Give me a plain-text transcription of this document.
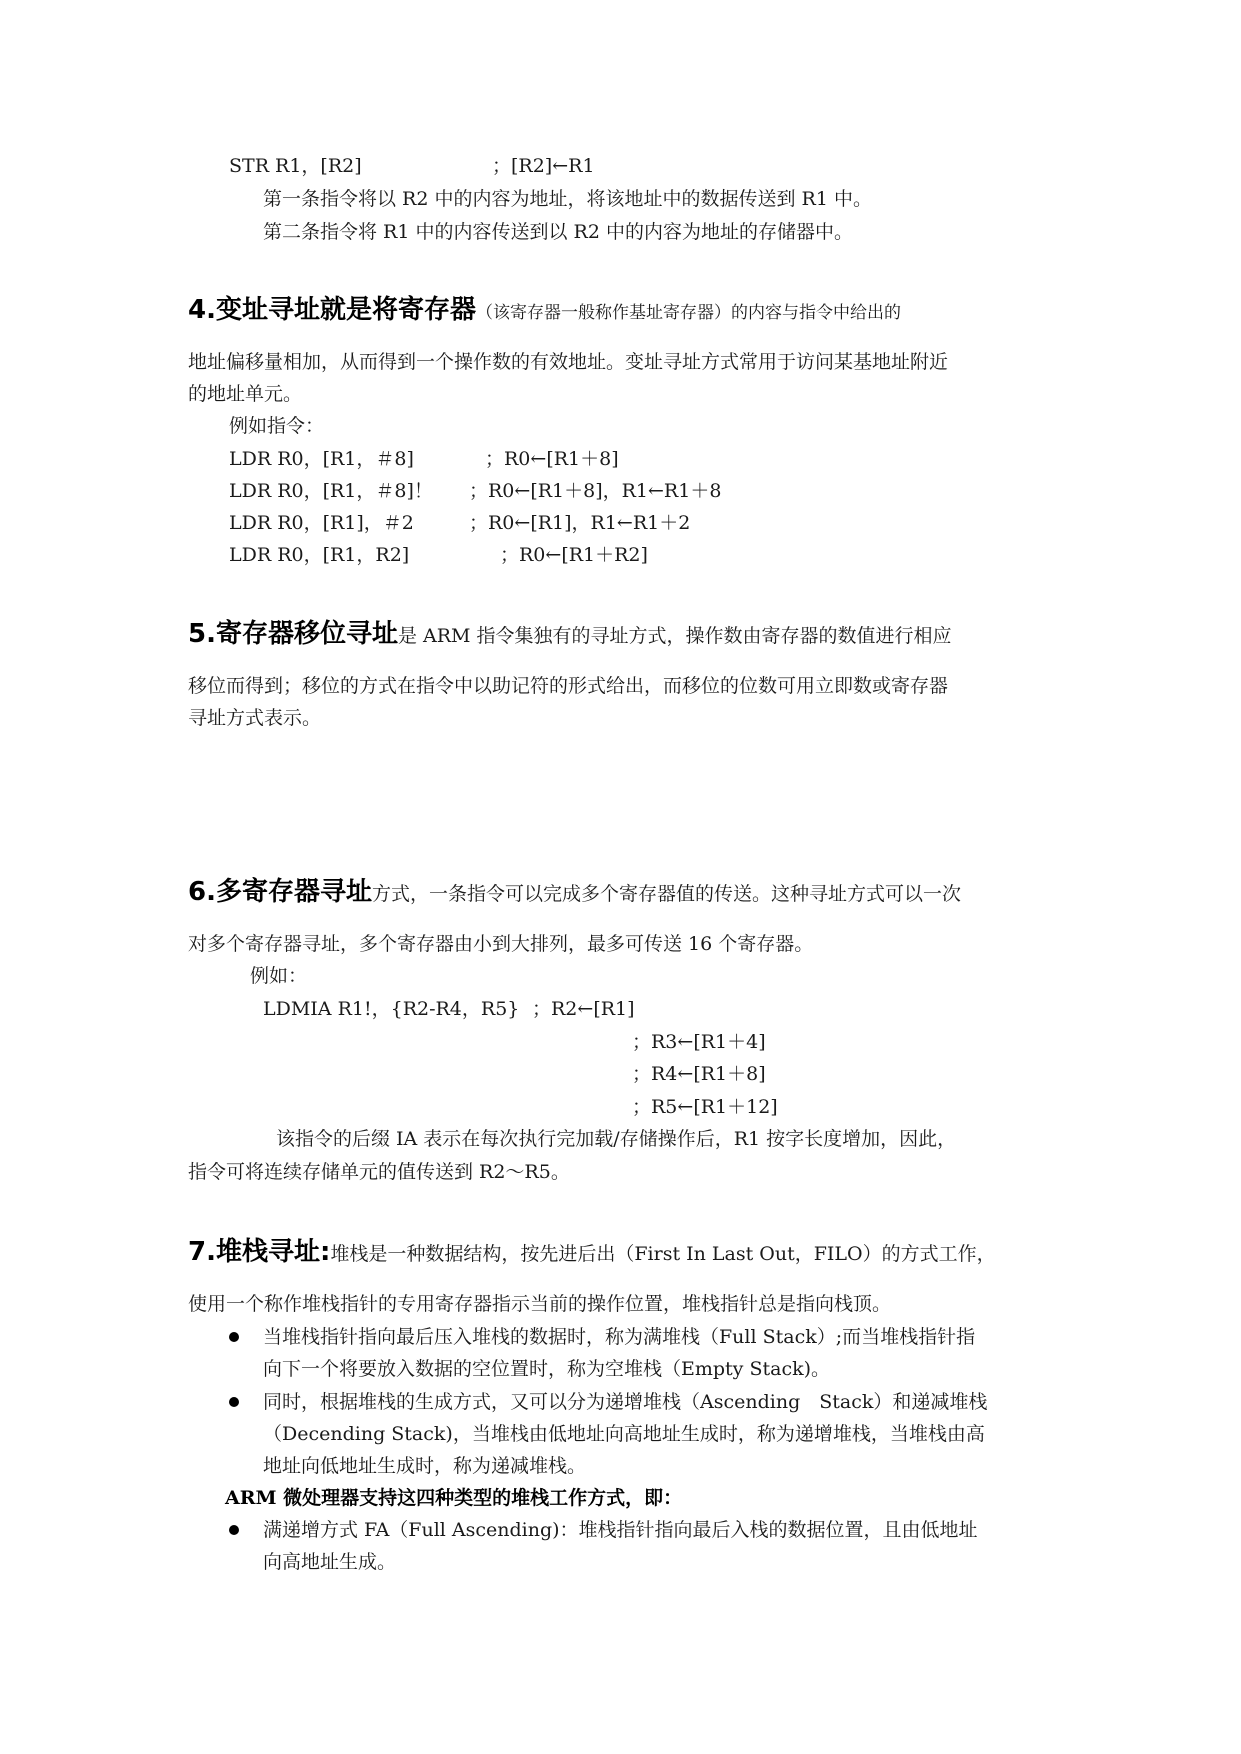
STR R1，[R2]	；[R2]←R1
第一条指令将以 R2 中的内容为地址，将该地址中的数据传送到 R1 中。
第二条指令将 R1 中的内容传送到以 R2 中的内容为地址的存储器中。
4.变址寻址就是将寄存器（该寄存器一般称作基址寄存器）的内容与指令中给出的
地址偏移量相加，从而得到一个操作数的有效地址。变址寻址方式常用于访问某基地址附近
的地址单元。
例如指令：
LDR R0，[R1，＃8]	；R0←[R1＋8]
LDR R0，[R1，＃8]！ ；R0←[R1＋8]，R1←R1＋8
LDR R0，[R1]，＃2	；R0←[R1]，R1←R1＋2
LDR R0，[R1，R2]	；R0←[R1＋R2]
5.寄存器移位寻址是 ARM 指令集独有的寻址方式，操作数由寄存器的数值进行相应
移位而得到；移位的方式在指令中以助记符的形式给出，而移位的位数可用立即数或寄存器
寻址方式表示。
6.多寄存器寻址方式，一条指令可以完成多个寄存器值的传送。这种寻址方式可以一次
对多个寄存器寻址，多个寄存器由小到大排列，最多可传送 16 个寄存器。
例如：
LDMIA R1!，{R2-R4，R5} ；R2←[R1]
；R3←[R1＋4]
；R4←[R1＋8]
；R5←[R1＋12]
该指令的后缀 IA 表示在每次执行完加载/存储操作后，R1 按字长度增加，因此，
指令可将连续存储单元的值传送到 R2～R5。
7.堆栈寻址:堆栈是一种数据结构，按先进后出（First In Last Out，FILO）的方式工作，
使用一个称作堆栈指针的专用寄存器指示当前的操作位置，堆栈指针总是指向栈顶。
当堆栈指针指向最后压入堆栈的数据时，称为满堆栈（Full Stack）;而当堆栈指针指
向下一个将要放入数据的空位置时，称为空堆栈（Empty Stack)。
同时，根据堆栈的生成方式，又可以分为递增堆栈（Ascending　Stack）和递减堆栈
（Decending Stack)，当堆栈由低地址向高地址生成时，称为递增堆栈，当堆栈由高
地址向低地址生成时，称为递减堆栈。
ARM 微处理器支持这四种类型的堆栈工作方式，即：
满递增方式 FA（Full Ascending)：堆栈指针指向最后入栈的数据位置，且由低地址
向高地址生成。
